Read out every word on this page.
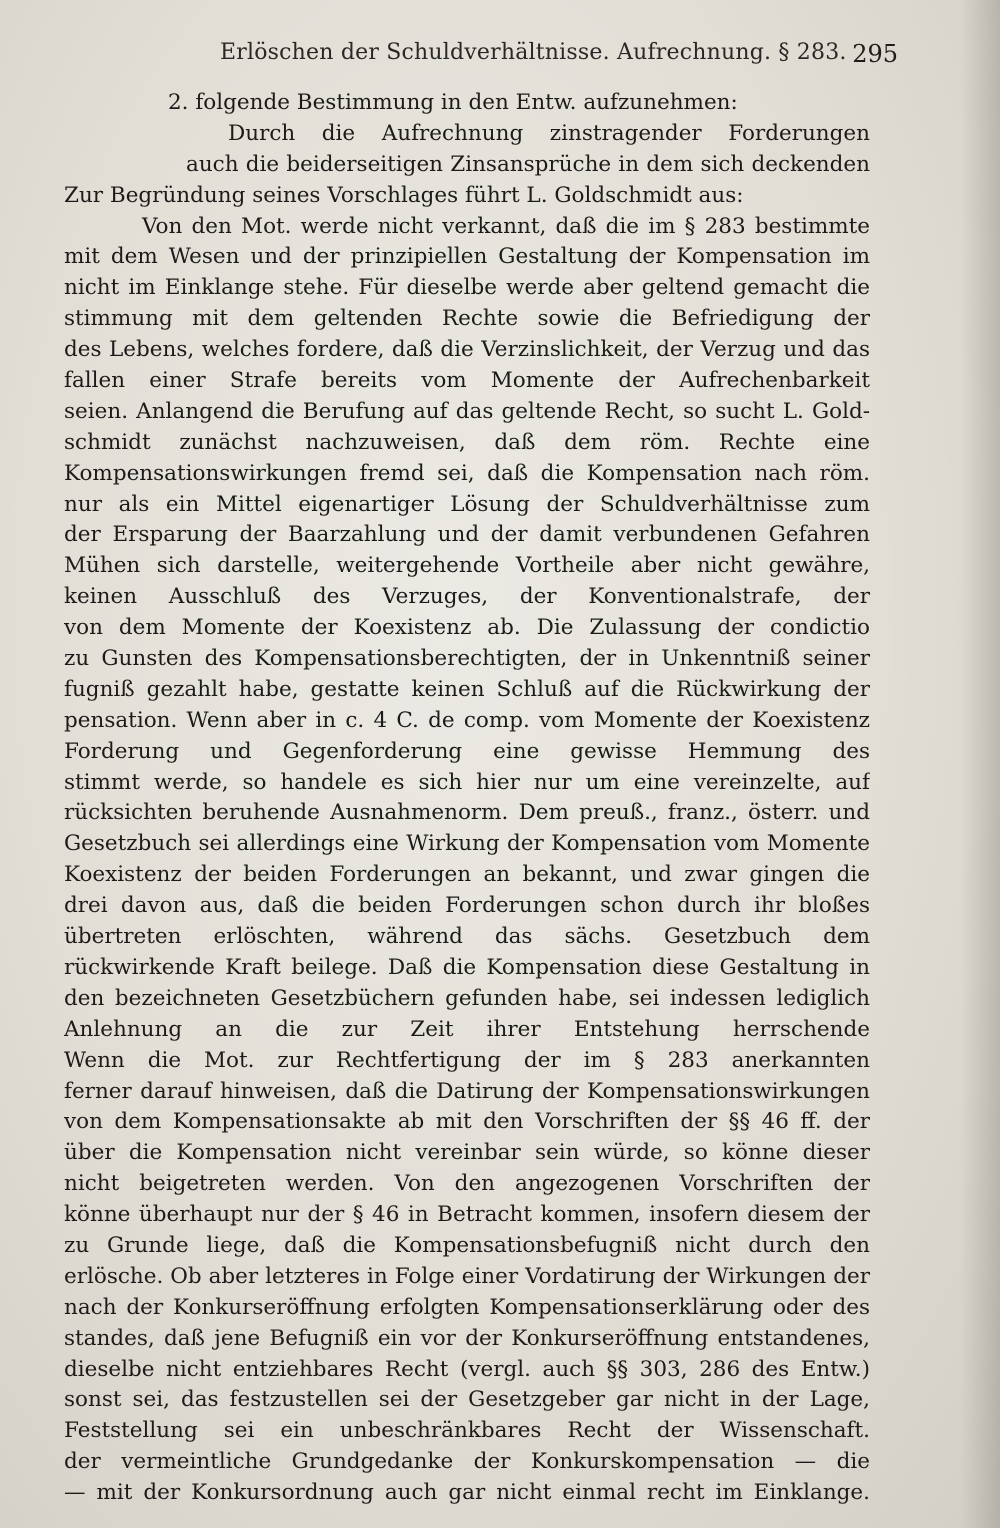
Erlöschen der Schuldverhältnisse. Aufrechnung. § 283. 295
2. folgende Bestimmung in den Entw. aufzunehmen:
Durch die Aufrechnung zinstragender Forderungen
auch die beiderseitigen Zinsansprüche in dem sich deckenden
Zur Begründung seines Vorschlages führt L. Goldschmidt aus:
Von den Mot. werde nicht verkannt, daß die im § 283 bestimmte
mit dem Wesen und der prinzipiellen Gestaltung der Kompensation im
nicht im Einklange stehe. Für dieselbe werde aber geltend gemacht die
stimmung mit dem geltenden Rechte sowie die Befriedigung der
des Lebens, welches fordere, daß die Verzinslichkeit, der Verzug und das
fallen einer Strafe bereits vom Momente der Aufrechenbarkeit
seien. Anlangend die Berufung auf das geltende Recht, so sucht L. Gold-
schmidt zunächst nachzuweisen, daß dem röm. Rechte eine
Kompensationswirkungen fremd sei, daß die Kompensation nach röm.
nur als ein Mittel eigenartiger Lösung der Schuldverhältnisse zum
der Ersparung der Baarzahlung und der damit verbundenen Gefahren
Mühen sich darstelle, weitergehende Vortheile aber nicht gewähre,
keinen Ausschluß des Verzuges, der Konventionalstrafe, der
von dem Momente der Koexistenz ab. Die Zulassung der condictio
zu Gunsten des Kompensationsberechtigten, der in Unkenntniß seiner
fugniß gezahlt habe, gestatte keinen Schluß auf die Rückwirkung der
pensation. Wenn aber in c. 4 C. de comp. vom Momente der Koexistenz
Forderung und Gegenforderung eine gewisse Hemmung des
stimmt werde, so handele es sich hier nur um eine vereinzelte, auf
rücksichten beruhende Ausnahmenorm. Dem preuß., franz., österr. und
Gesetzbuch sei allerdings eine Wirkung der Kompensation vom Momente
Koexistenz der beiden Forderungen an bekannt, und zwar gingen die
drei davon aus, daß die beiden Forderungen schon durch ihr bloßes
übertreten erlöschten, während das sächs. Gesetzbuch dem
rückwirkende Kraft beilege. Daß die Kompensation diese Gestaltung in
den bezeichneten Gesetzbüchern gefunden habe, sei indessen lediglich
Anlehnung an die zur Zeit ihrer Entstehung herrschende
Wenn die Mot. zur Rechtfertigung der im § 283 anerkannten
ferner darauf hinweisen, daß die Datirung der Kompensationswirkungen
von dem Kompensationsakte ab mit den Vorschriften der §§ 46 ff. der
über die Kompensation nicht vereinbar sein würde, so könne dieser
nicht beigetreten werden. Von den angezogenen Vorschriften der
könne überhaupt nur der § 46 in Betracht kommen, insofern diesem der
zu Grunde liege, daß die Kompensationsbefugniß nicht durch den
erlösche. Ob aber letzteres in Folge einer Vordatirung der Wirkungen der
nach der Konkurseröffnung erfolgten Kompensationserklärung oder des
standes, daß jene Befugniß ein vor der Konkurseröffnung entstandenes,
dieselbe nicht entziehbares Recht (vergl. auch §§ 303, 286 des Entw.)
sonst sei, das festzustellen sei der Gesetzgeber gar nicht in der Lage,
Feststellung sei ein unbeschränkbares Recht der Wissenschaft.
der vermeintliche Grundgedanke der Konkurskompensation — die
— mit der Konkursordnung auch gar nicht einmal recht im Einklange.
